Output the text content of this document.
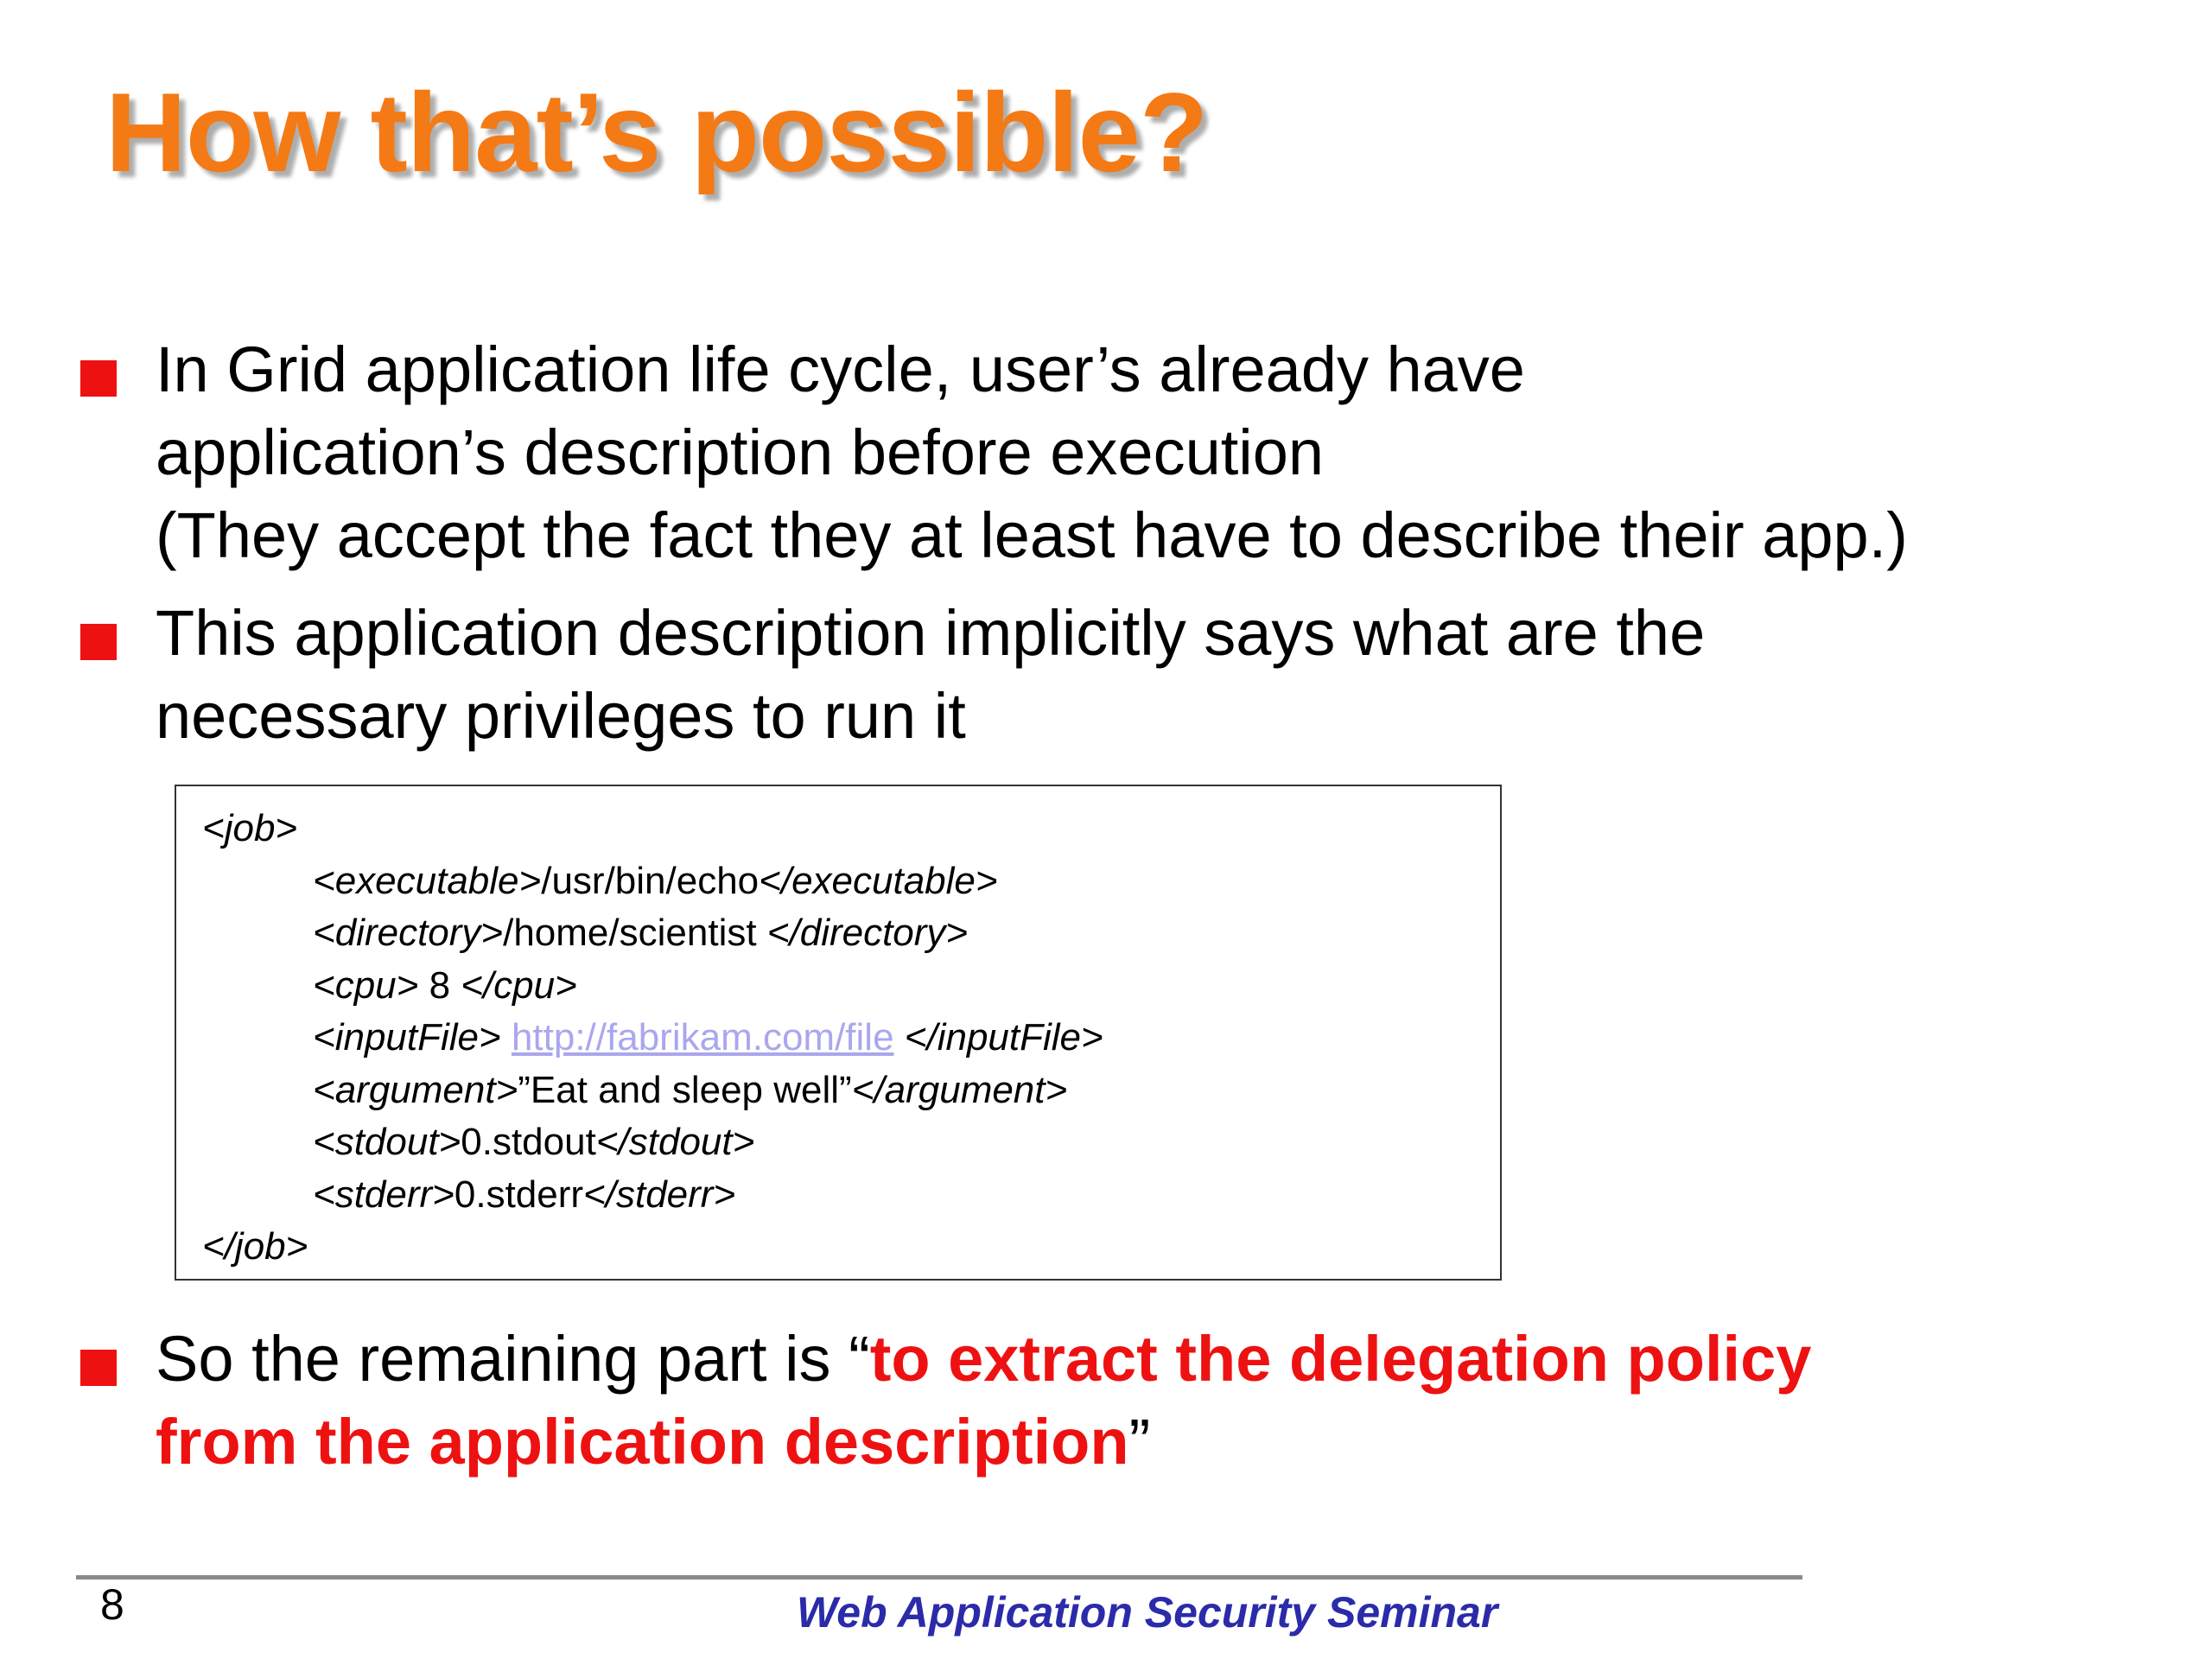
How that’s possible?
In Grid application life cycle, user’s already have
application’s description before execution
(They accept the fact they at least have to describe their app.)
This application description implicitly says what are the
necessary privileges to run it
<job>
<executable>/usr/bin/echo</executable>
<directory>/home/scientist </directory>
<cpu> 8 </cpu>
<inputFile> http://fabrikam.com/file </inputFile>
<argument>”Eat and sleep well”</argument>
<stdout>0.stdout</stdout>
<stderr>0.stderr</stderr>
</job>
So the remaining part is “to extract the delegation policy
from the application description”
8	Web Application Security Seminar
